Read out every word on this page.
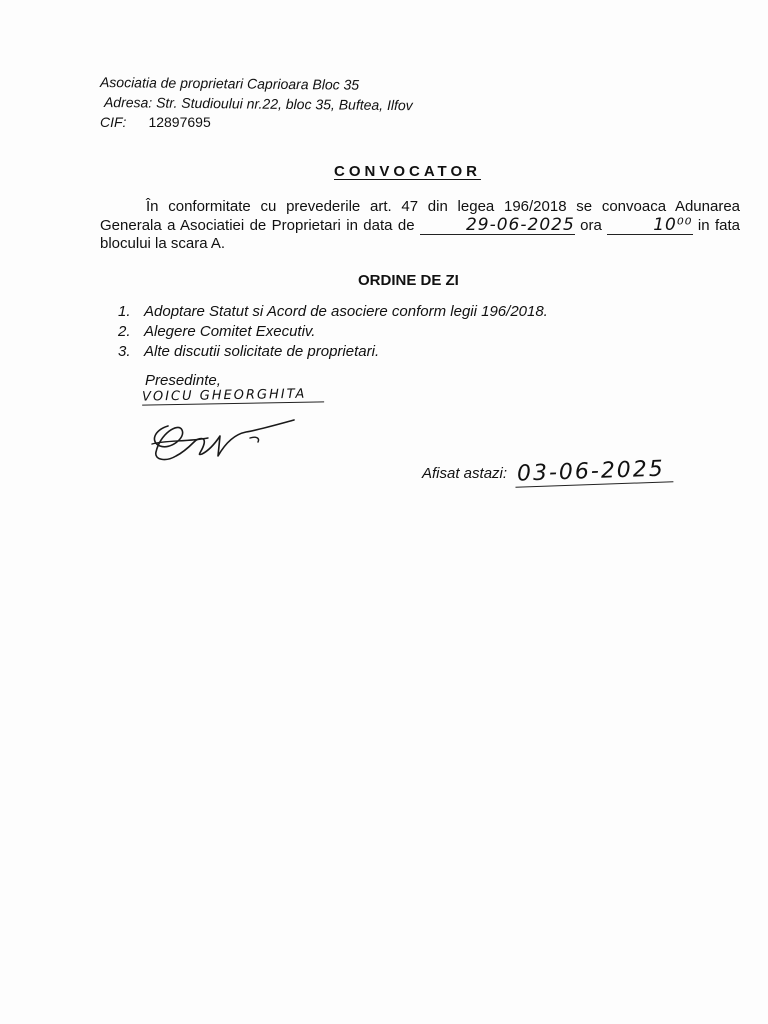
Asociatia de proprietari Caprioara Bloc 35
Adresa: Str. Studioului nr.22, bloc 35, Buftea, Ilfov
CIF: 12897695
CONVOCATOR
În conformitate cu prevederile art. 47 din legea 196/2018 se convoaca Adunarea Generala a Asociatiei de Proprietari in data de	29-06-2025 ora	10⁰⁰ in fata blocului la scara A.
ORDINE DE ZI
1. Adoptare Statut si Acord de asociere conform legii 196/2018.
2. Alegere Comitet Executiv.
3. Alte discutii solicitate de proprietari.
Presedinte,
VOICU GHEORGHITA
Afisat astazi: 03-06-2025
